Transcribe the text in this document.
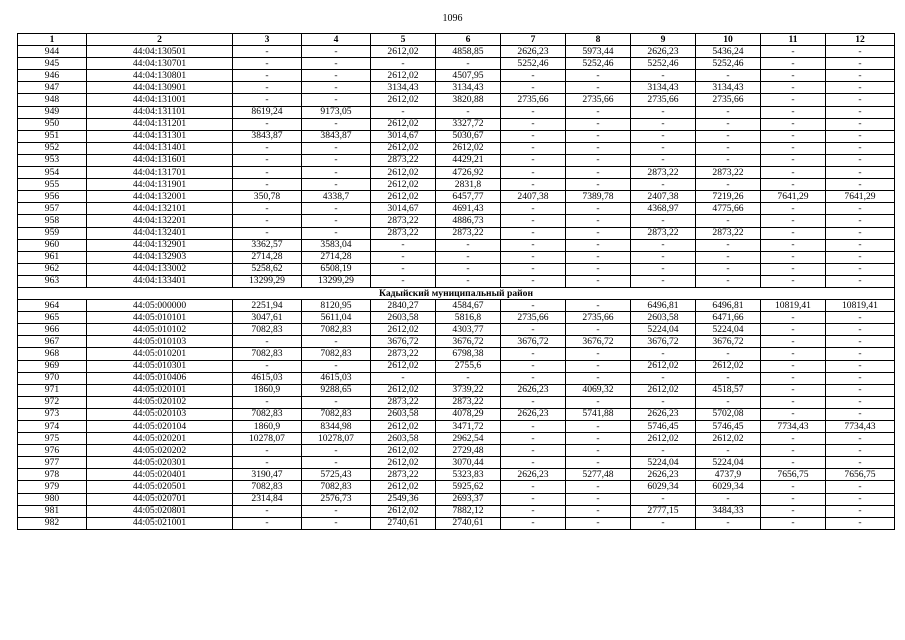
1096
1	2	3	4	5	6	7	8	9	10	11	12
944	44:04:130501	-	-	2612,02	4858,85	2626,23	5973,44	2626,23	5436,24	-	-
945	44:04:130701	-	-	-	-	5252,46	5252,46	5252,46	5252,46	-	-
946	44:04:130801	-	-	2612,02	4507,95	-	-	-	-	-	-
947	44:04:130901	-	-	3134,43	3134,43	-	-	3134,43	3134,43	-	-
948	44:04:131001	-	-	2612,02	3820,88	2735,66	2735,66	2735,66	2735,66	-	-
949	44:04:131101	8619,24	9173,05	-	-	-	-	-	-	-	-
950	44:04:131201	-	-	2612,02	3327,72	-	-	-	-	-	-
951	44:04:131301	3843,87	3843,87	3014,67	5030,67	-	-	-	-	-	-
952	44:04:131401	-	-	2612,02	2612,02	-	-	-	-	-	-
953	44:04:131601	-	-	2873,22	4429,21	-	-	-	-	-	-
954	44:04:131701	-	-	2612,02	4726,92	-	-	2873,22	2873,22	-	-
955	44:04:131901	-	-	2612,02	2831,8	-	-	-	-	-	-
956	44:04:132001	350,78	4338,7	2612,02	6457,77	2407,38	7389,78	2407,38	7219,26	7641,29	7641,29
957	44:04:132101	-	-	3014,67	4691,43	-	-	4368,97	4775,66	-	-
958	44:04:132201	-	-	2873,22	4886,73	-	-	-	-	-	-
959	44:04:132401	-	-	2873,22	2873,22	-	-	2873,22	2873,22	-	-
960	44:04:132901	3362,57	3583,04	-	-	-	-	-	-	-	-
961	44:04:132903	2714,28	2714,28	-	-	-	-	-	-	-	-
962	44:04:133002	5258,62	6508,19	-	-	-	-	-	-	-	-
963	44:04:133401	13299,29	13299,29	-	-	-	-	-	-	-	-
Кадыйский муниципальный район											
964	44:05:000000	2251,94	8120,95	2840,27	4584,67	-	-	6496,81	6496,81	10819,41	10819,41
965	44:05:010101	3047,61	5611,04	2603,58	5816,8	2735,66	2735,66	2603,58	6471,66	-	-
966	44:05:010102	7082,83	7082,83	2612,02	4303,77	-	-	5224,04	5224,04	-	-
967	44:05:010103	-	-	3676,72	3676,72	3676,72	3676,72	3676,72	3676,72	-	-
968	44:05:010201	7082,83	7082,83	2873,22	6798,38	-	-	-	-	-	-
969	44:05:010301	-	-	2612,02	2755,6	-	-	2612,02	2612,02	-	-
970	44:05:010406	4615,03	4615,03	-	-	-	-	-	-	-	-
971	44:05:020101	1860,9	9288,65	2612,02	3739,22	2626,23	4069,32	2612,02	4518,57	-	-
972	44:05:020102	-	-	2873,22	2873,22	-	-	-	-	-	-
973	44:05:020103	7082,83	7082,83	2603,58	4078,29	2626,23	5741,88	2626,23	5702,08	-	-
974	44:05:020104	1860,9	8344,98	2612,02	3471,72	-	-	5746,45	5746,45	7734,43	7734,43
975	44:05:020201	10278,07	10278,07	2603,58	2962,54	-	-	2612,02	2612,02	-	-
976	44:05:020202	-	-	2612,02	2729,48	-	-	-	-	-	-
977	44:05:020301	-	-	2612,02	3070,44	-	-	5224,04	5224,04	-	-
978	44:05:020401	3190,47	5725,43	2873,22	5323,83	2626,23	5277,48	2626,23	4737,9	7656,75	7656,75
979	44:05:020501	7082,83	7082,83	2612,02	5925,62	-	-	6029,34	6029,34	-	-
980	44:05:020701	2314,84	2576,73	2549,36	2693,37	-	-	-	-	-	-
981	44:05:020801	-	-	2612,02	7882,12	-	-	2777,15	3484,33	-	-
982	44:05:021001	-	-	2740,61	2740,61	-	-	-	-	-	-
